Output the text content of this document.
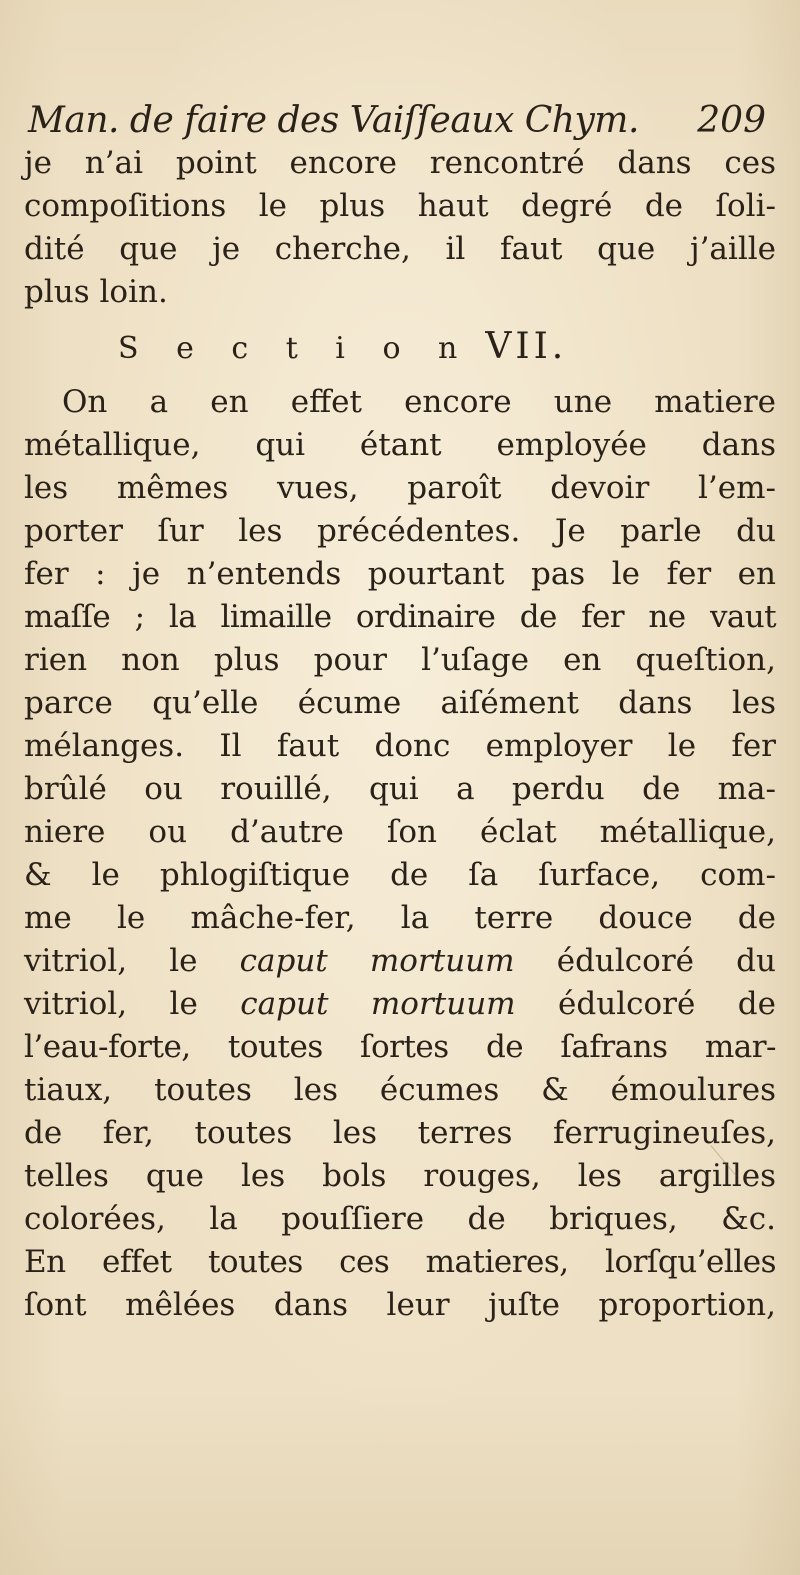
Man. de faire des Vaiſſeaux Chym. 209
je n’ai point encore rencontré dans ces
compoſitions le plus haut degré de ſoli-
dité que je cherche, il faut que j’aille
plus loin.
S e c t i o n VII.
On a en effet encore une matiere
métallique, qui étant employée dans
les mêmes vues, paroît devoir l’em-
porter ſur les précédentes. Je parle du
fer : je n’entends pourtant pas le fer en
maſſe ; la limaille ordinaire de fer ne vaut
rien non plus pour l’uſage en queſtion,
parce qu’elle écume aiſément dans les
mélanges. Il faut donc employer le fer
brûlé ou rouillé, qui a perdu de ma-
niere ou d’autre ſon éclat métallique,
& le phlogiſtique de ſa ſurface, com-
me le mâche-fer, la terre douce de
vitriol, le caput mortuum édulcoré du
vitriol, le caput mortuum édulcoré de
l’eau-forte, toutes ſortes de ſafrans mar-
tiaux, toutes les écumes & émoulures
de fer, toutes les terres ferrugineuſes,
telles que les bols rouges, les argilles
colorées, la pouſſiere de briques, &c.
En effet toutes ces matieres, lorſqu’elles
ſont mêlées dans leur juſte proportion,
